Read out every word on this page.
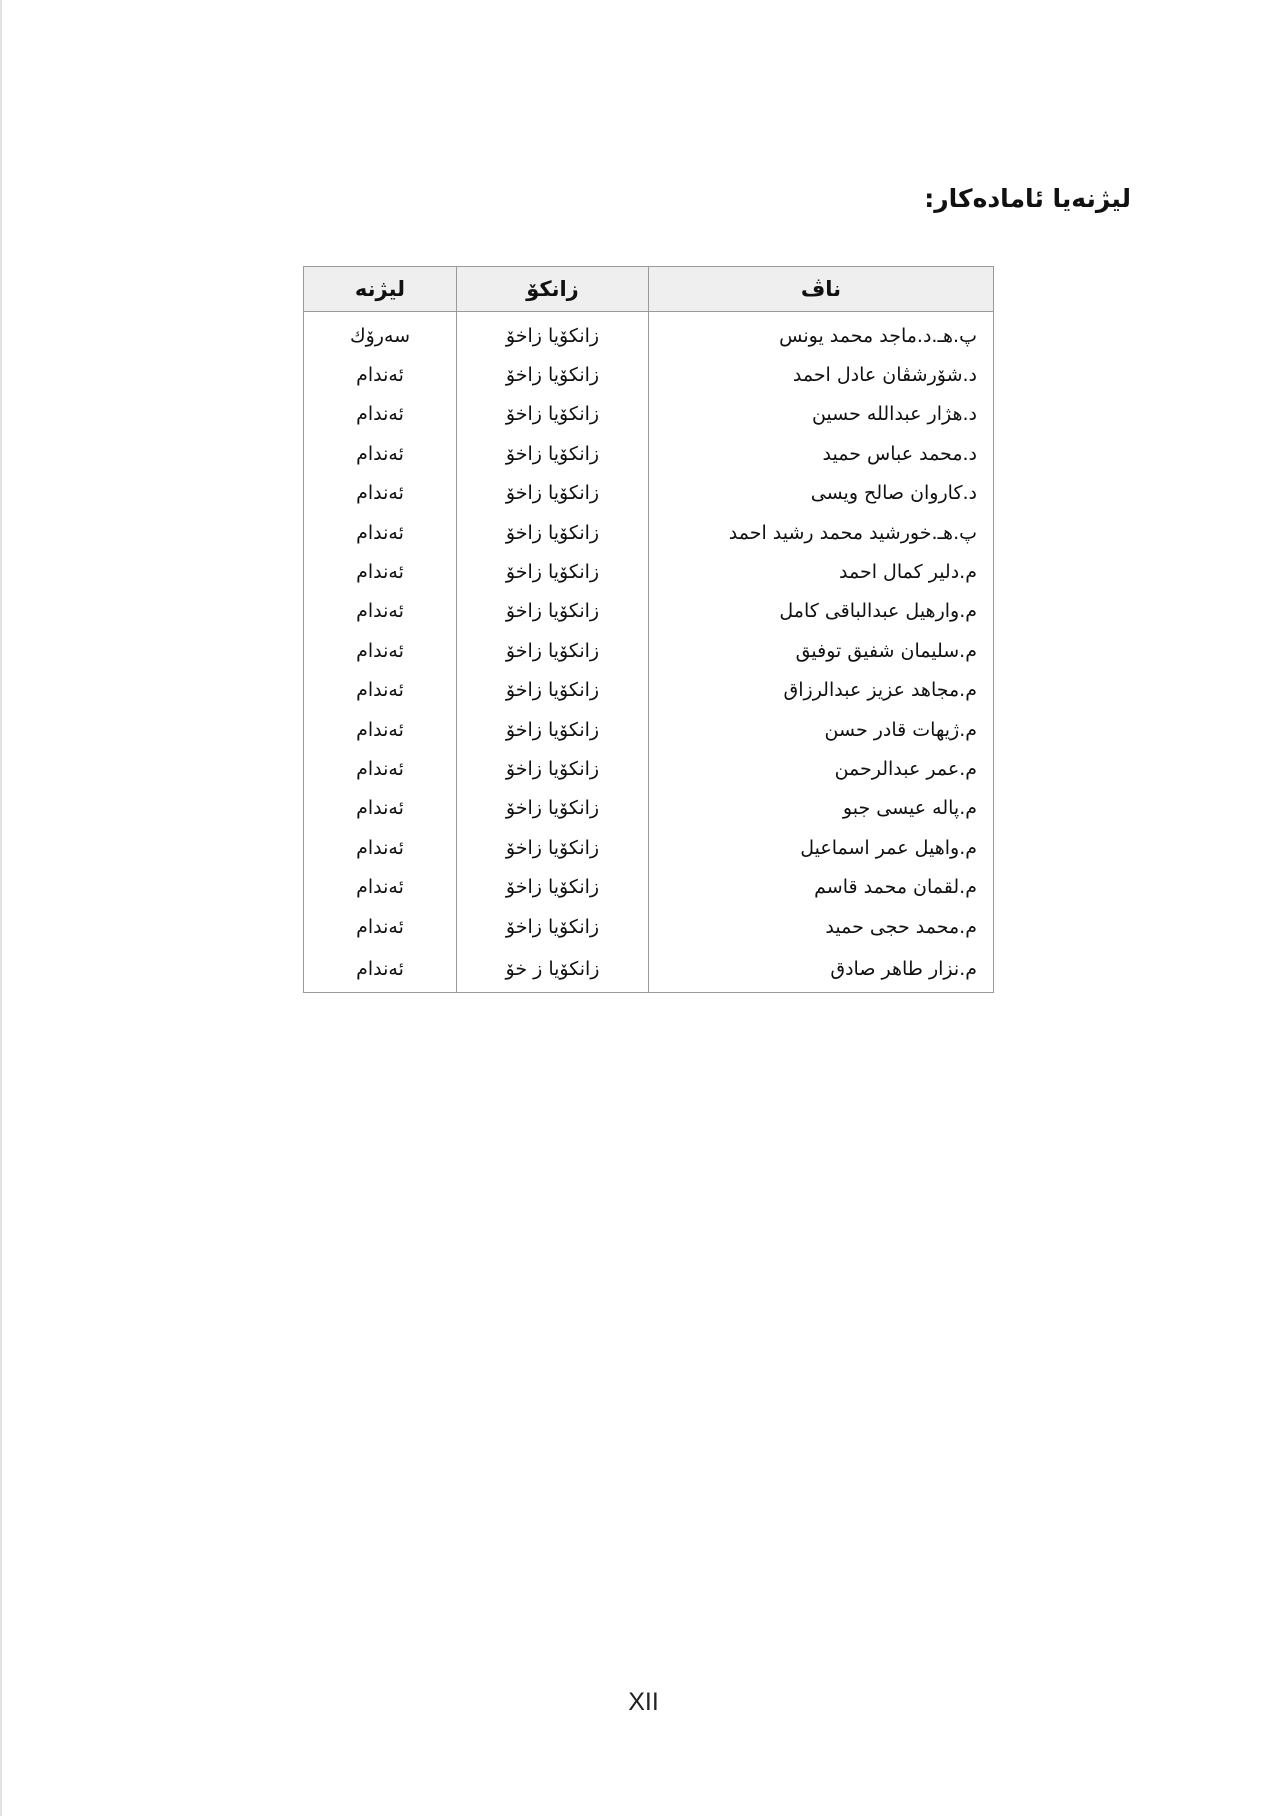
ليژنەيا ئامادەكار:
ناڤ	زانكۆ	ليژنە
پ.هـ.د.ماجد محمد يونس	زانكۆيا زاخۆ	سەرۆك
د.شۆرشڤان عادل احمد	زانكۆيا زاخۆ	ئەندام
د.هژار عبدالله حسين	زانكۆيا زاخۆ	ئەندام
د.محمد عباس حميد	زانكۆيا زاخۆ	ئەندام
د.كاروان صالح ويسى	زانكۆيا زاخۆ	ئەندام
پ.هـ.خورشيد محمد رشيد احمد	زانكۆيا زاخۆ	ئەندام
م.دلير كمال احمد	زانكۆيا زاخۆ	ئەندام
م.وارهيل عبدالباقى كامل	زانكۆيا زاخۆ	ئەندام
م.سليمان شفيق توفيق	زانكۆيا زاخۆ	ئەندام
م.مجاهد عزيز عبدالرزاق	زانكۆيا زاخۆ	ئەندام
م.ژيهات قادر حسن	زانكۆيا زاخۆ	ئەندام
م.عمر عبدالرحمن	زانكۆيا زاخۆ	ئەندام
م.پالە عيسى جبو	زانكۆيا زاخۆ	ئەندام
م.واهيل عمر اسماعيل	زانكۆيا زاخۆ	ئەندام
م.لقمان محمد قاسم	زانكۆيا زاخۆ	ئەندام
م.محمد حجى حميد	زانكۆيا زاخۆ	ئەندام
م.نزار طاهر صادق	زانكۆيا ز خۆ	ئەندام
XII
